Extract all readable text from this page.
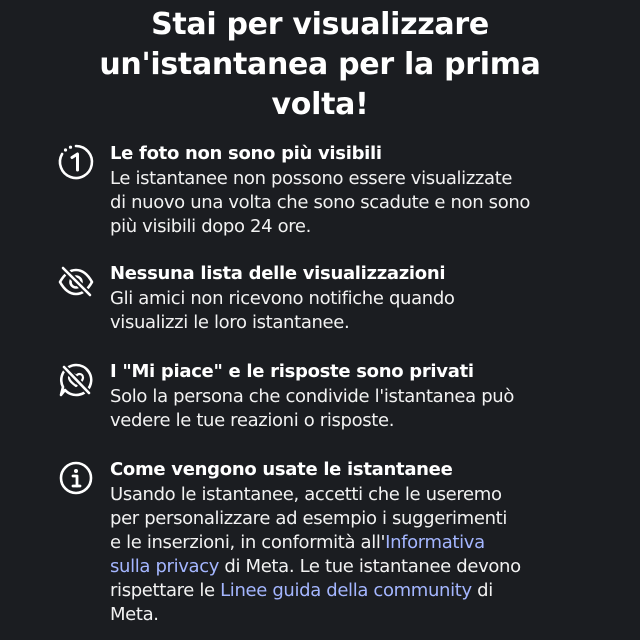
Stai per visualizzare
un'istantanea per la prima
volta!
Le foto non sono più visibili
Le istantanee non possono essere visualizzate
di nuovo una volta che sono scadute e non sono
più visibili dopo 24 ore.
Nessuna lista delle visualizzazioni
Gli amici non ricevono notifiche quando
visualizzi le loro istantanee.
I "Mi piace" e le risposte sono privati
Solo la persona che condivide l'istantanea può
vedere le tue reazioni o risposte.
Come vengono usate le istantanee
Usando le istantanee, accetti che le useremo
per personalizzare ad esempio i suggerimenti
e le inserzioni, in conformità all'Informativa
sulla privacy di Meta. Le tue istantanee devono
rispettare le Linee guida della community di
Meta.
